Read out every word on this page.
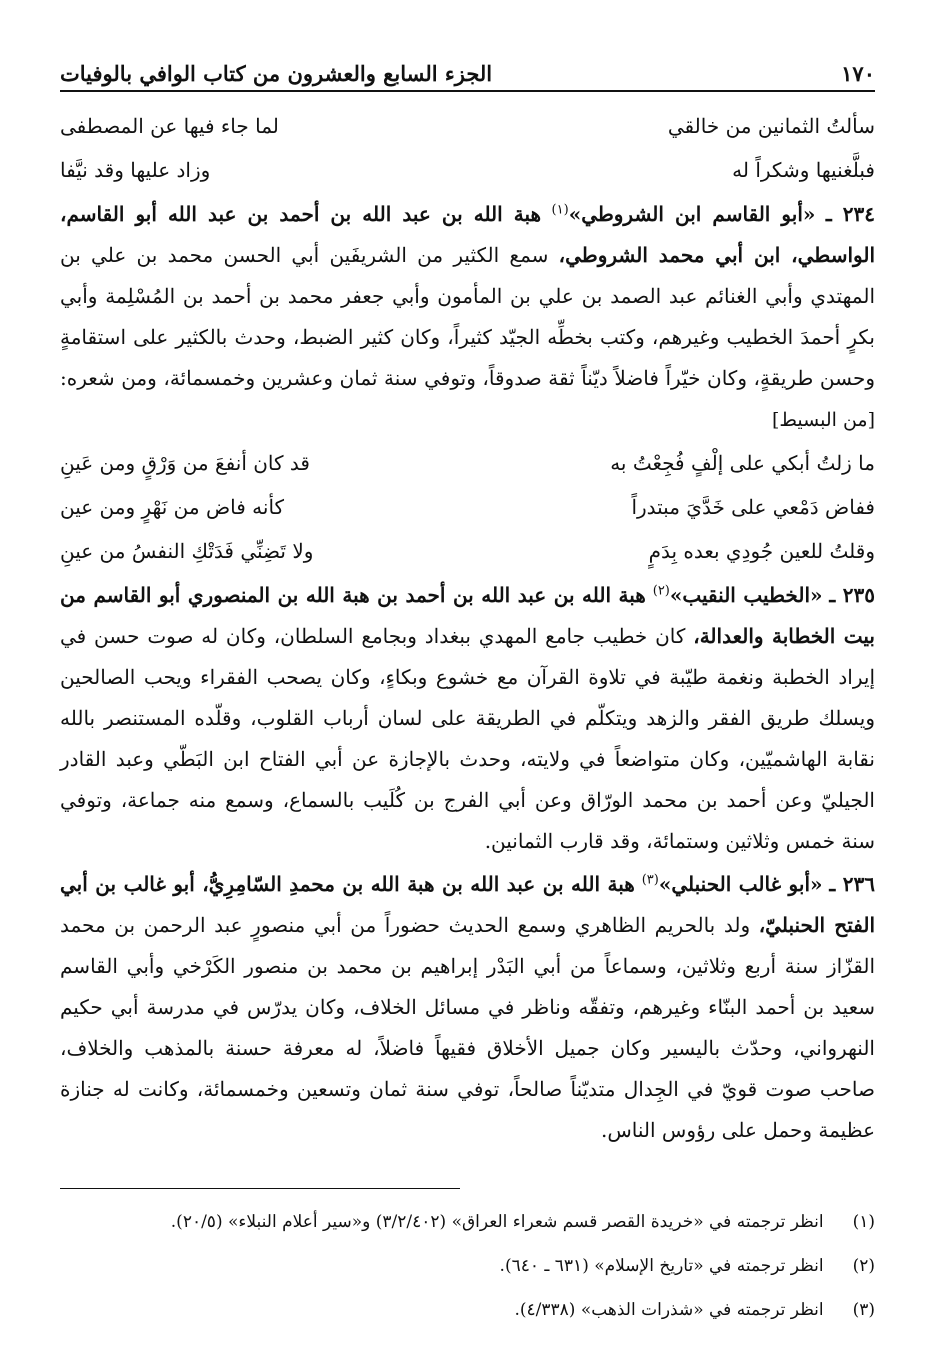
١٧٠
الجزء السابع والعشرون من كتاب الوافي بالوفيات
سألتُ الثمانين من خالقي
لما جاء فيها عن المصطفى
فبلَّغنيها وشكراً له
وزاد عليها وقد نيَّفا
٢٣٤ ـ «أبو القاسم ابن الشروطي»$^{(١)}$ هبة الله بن عبد الله بن أحمد بن عبد الله أبو القاسم، الواسطي، ابن أبي محمد الشروطي، سمع الكثير من الشريفَين أبي الحسن محمد بن علي بن المهتدي وأبي الغنائم عبد الصمد بن علي بن المأمون وأبي جعفر محمد بن أحمد بن المُسْلِمة وأبي بكرٍ أحمدَ الخطيب وغيرهم، وكتب بخطِّه الجيّد كثيراً، وكان كثير الضبط، وحدث بالكثير على استقامةٍ وحسن طريقةٍ، وكان خيّراً فاضلاً ديّناً ثقة صدوقاً، وتوفي سنة ثمان وعشرين وخمسمائة، ومن شعره: [من البسيط]
ما زلتُ أبكي على إلْفٍ فُجِعْتُ به
قد كان أنفعَ من وَرْقٍ ومن عَينِ
ففاض دَمْعي على خَدَّيَ مبتدراً
كأنه فاض من نَهْرٍ ومن عين
وقلتُ للعين جُودِي بعده بِدَمٍ
ولا تَضِنِّي فَدَتْكِ النفسُ من عينِ
٢٣٥ ـ «الخطيب النقيب»$^{(٢)}$ هبة الله بن عبد الله بن أحمد بن هبة الله بن المنصوري أبو القاسم من بيت الخطابة والعدالة، كان خطيب جامع المهدي ببغداد وبجامع السلطان، وكان له صوت حسن في إيراد الخطبة ونغمة طيّبة في تلاوة القرآن مع خشوع وبكاءٍ، وكان يصحب الفقراء ويحب الصالحين ويسلك طريق الفقر والزهد ويتكلّم في الطريقة على لسان أرباب القلوب، وقلّده المستنصر بالله نقابة الهاشميّين، وكان متواضعاً في ولايته، وحدث بالإجازة عن أبي الفتاح ابن البَطّي وعبد القادر الجيليّ وعن أحمد بن محمد الورّاق وعن أبي الفرج بن كُلَيب بالسماع، وسمع منه جماعة، وتوفي سنة خمس وثلاثين وستمائة، وقد قارب الثمانين.
٢٣٦ ـ «أبو غالب الحنبلي»$^{(٣)}$ هبة الله بن عبد الله بن هبة الله بن محمدِ السّامِرِيُّ، أبو غالب بن أبي الفتح الحنبليّ، ولد بالحريم الظاهري وسمع الحديث حضوراً من أبي منصورٍ عبد الرحمن بن محمد القزّاز سنة أربع وثلاثين، وسماعاً من أبي البَدْر إبراهيم بن محمد بن منصور الكَرْخي وأبي القاسم سعيد بن أحمد البنّاء وغيرهم، وتفقّه وناظر في مسائل الخلاف، وكان يدرّس في مدرسة أبي حكيم النهرواني، وحدّث باليسير وكان جميل الأخلاق فقيهاً فاضلاً، له معرفة حسنة بالمذهب والخلاف، صاحب صوت قويّ في الجِدال متديّناً صالحاً، توفي سنة ثمان وتسعين وخمسمائة، وكانت له جنازة عظيمة وحمل على رؤوس الناس.
(١) انظر ترجمته في «خريدة القصر قسم شعراء العراق» (٣/٢/٤٠٢) و«سير أعلام النبلاء» (٢٠/٥).
(٢) انظر ترجمته في «تاريخ الإسلام» (٦٣١ ـ ٦٤٠).
(٣) انظر ترجمته في «شذرات الذهب» (٤/٣٣٨).
